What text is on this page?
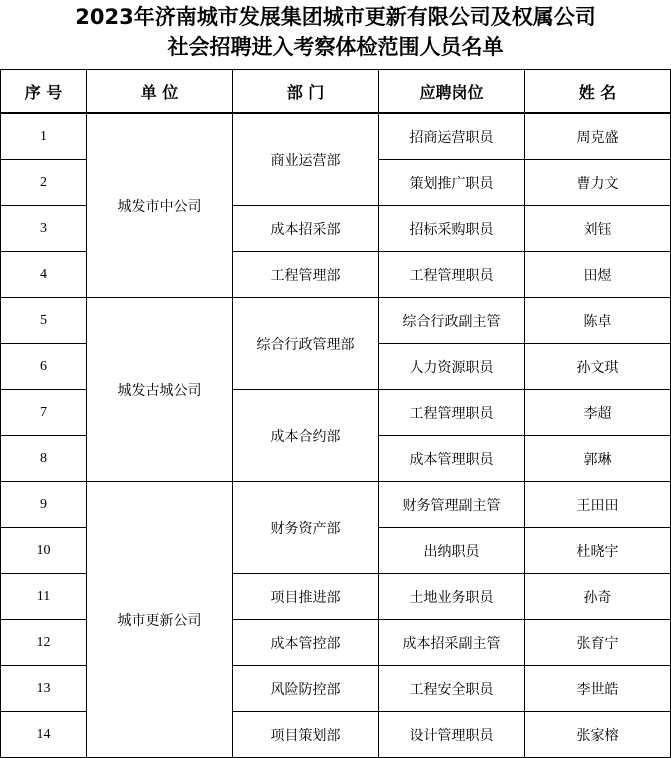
2023年济南城市发展集团城市更新有限公司及权属公司
社会招聘进入考察体检范围人员名单
序 号	单 位	部 门	应聘岗位	姓 名
1	城发市中公司	商业运营部	招商运营职员	周克盛
2			策划推广职员	曹力文
3		成本招采部	招标采购职员	刘钰
4		工程管理部	工程管理职员	田煜
5	城发古城公司	综合行政管理部	综合行政副主管	陈卓
6			人力资源职员	孙文琪
7		成本合约部	工程管理职员	李超
8			成本管理职员	郭琳
9	城市更新公司	财务资产部	财务管理副主管	王田田
10			出纳职员	杜晓宇
11		项目推进部	土地业务职员	孙奇
12		成本管控部	成本招采副主管	张育宁
13		风险防控部	工程安全职员	李世皓
14		项目策划部	设计管理职员	张家榕
